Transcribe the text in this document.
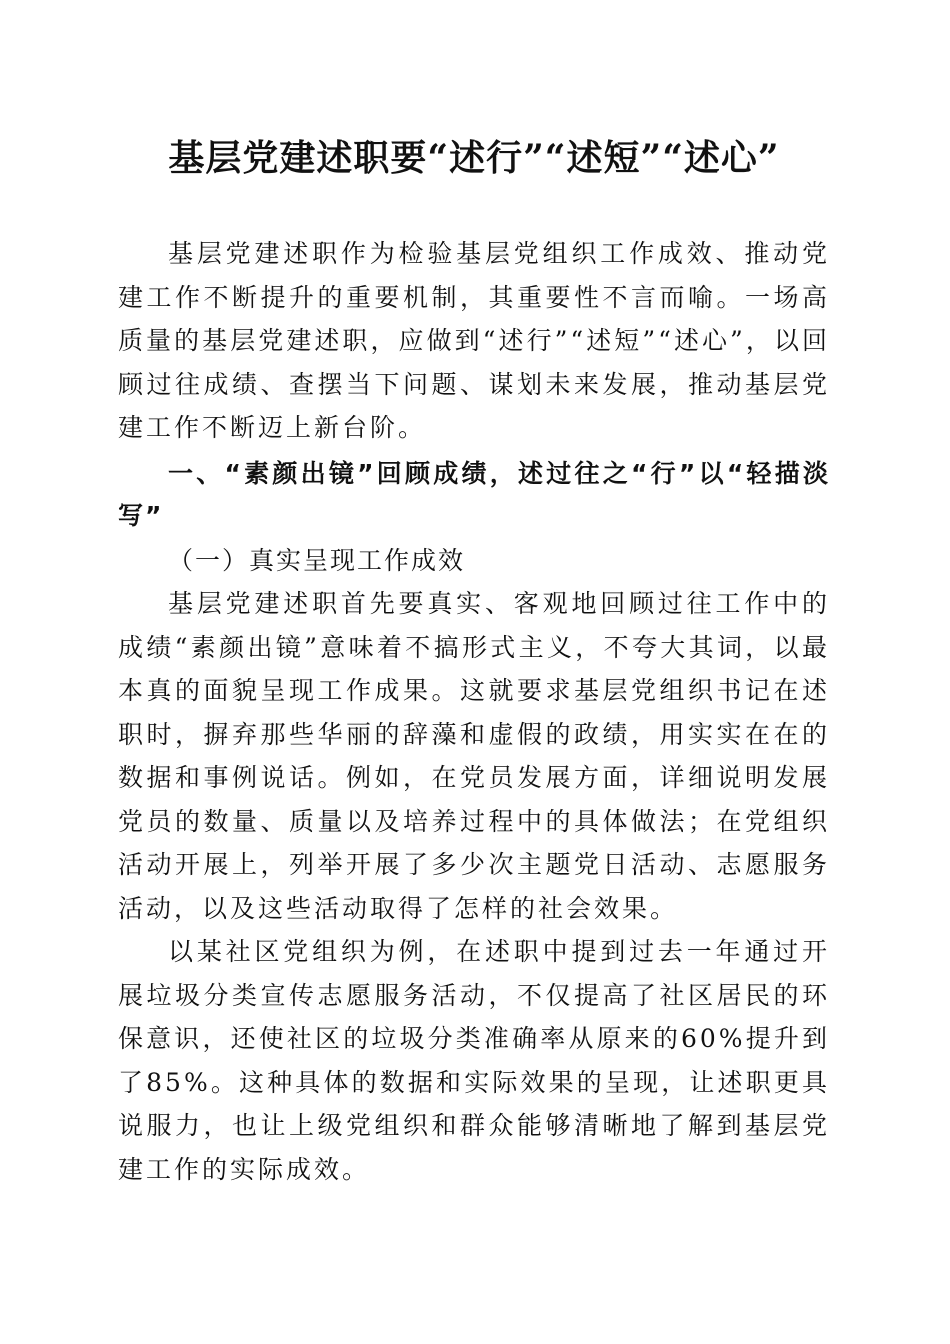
基层党建述职要“述行”“述短”“述心”

基层党建述职作为检验基层党组织工作成效、推动党建工作不断提升的重要机制，其重要性不言而喻。一场高质量的基层党建述职，应做到“述行”“述短”“述心”，以回顾过往成绩、查摆当下问题、谋划未来发展，推动基层党建工作不断迈上新台阶。

一、“素颜出镜”回顾成绩，述过往之“行”以“轻描淡写”

（一）真实呈现工作成效

基层党建述职首先要真实、客观地回顾过往工作中的成绩“素颜出镜”意味着不搞形式主义，不夸大其词，以最本真的面貌呈现工作成果。这就要求基层党组织书记在述职时，摒弃那些华丽的辞藻和虚假的政绩，用实实在在的数据和事例说话。例如，在党员发展方面，详细说明发展党员的数量、质量以及培养过程中的具体做法；在党组织活动开展上，列举开展了多少次主题党日活动、志愿服务活动，以及这些活动取得了怎样的社会效果。

以某社区党组织为例，在述职中提到过去一年通过开展垃圾分类宣传志愿服务活动，不仅提高了社区居民的环保意识，还使社区的垃圾分类准确率从原来的60%提升到了85%。这种具体的数据和实际效果的呈现，让述职更具说服力，也让上级党组织和群众能够清晰地了解到基层党建工作的实际成效。
